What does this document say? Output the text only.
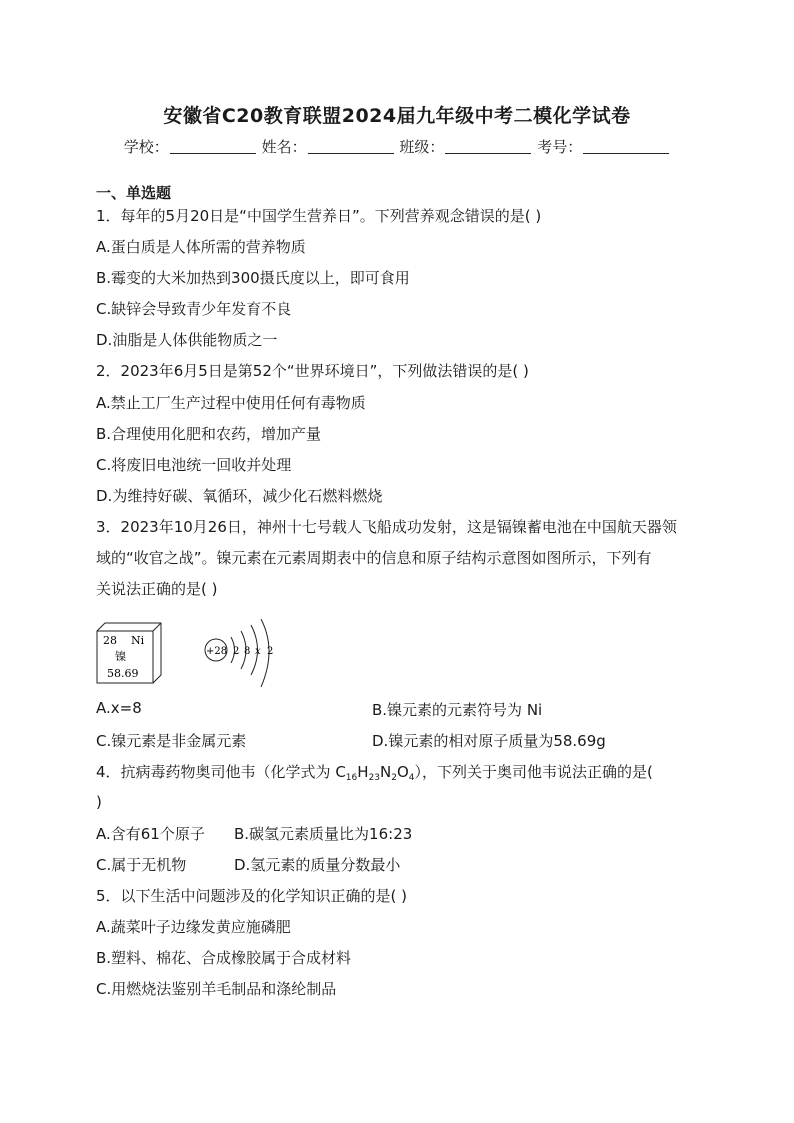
安徽省C20教育联盟2024届九年级中考二模化学试卷
学校：	姓名：	班级：	考号：
一、单选题
1．每年的5月20日是“中国学生营养日”。下列营养观念错误的是( )
A.蛋白质是人体所需的营养物质
B.霉变的大米加热到300摄氏度以上，即可食用
C.缺锌会导致青少年发育不良
D.油脂是人体供能物质之一
2．2023年6月5日是第52个“世界环境日”，下列做法错误的是( )
A.禁止工厂生产过程中使用任何有毒物质
B.合理使用化肥和农药，增加产量
C.将废旧电池统一回收并处理
D.为维持好碳、氧循环，减少化石燃料燃烧
3．2023年10月26日，神州十七号载人飞船成功发射，这是镉镍蓄电池在中国航天器领
域的“收官之战”。镍元素在元素周期表中的信息和原子结构示意图如图所示，下列有
关说法正确的是( )
28 Ni
镍
58.69
+28 2 8 x 2
A.x=8	B.镍元素的元素符号为 Ni
C.镍元素是非金属元素	D.镍元素的相对原子质量为58.69g
4．抗病毒药物奥司他韦（化学式为 $C_{16}H_{23}N_2O_4$），下列关于奥司他韦说法正确的是(
)
A.含有61个原子 B.碳氢元素质量比为16:23
C.属于无机物	D.氢元素的质量分数最小
5．以下生活中问题涉及的化学知识正确的是( )
A.蔬菜叶子边缘发黄应施磷肥
B.塑料、棉花、合成橡胶属于合成材料
C.用燃烧法鉴别羊毛制品和涤纶制品
